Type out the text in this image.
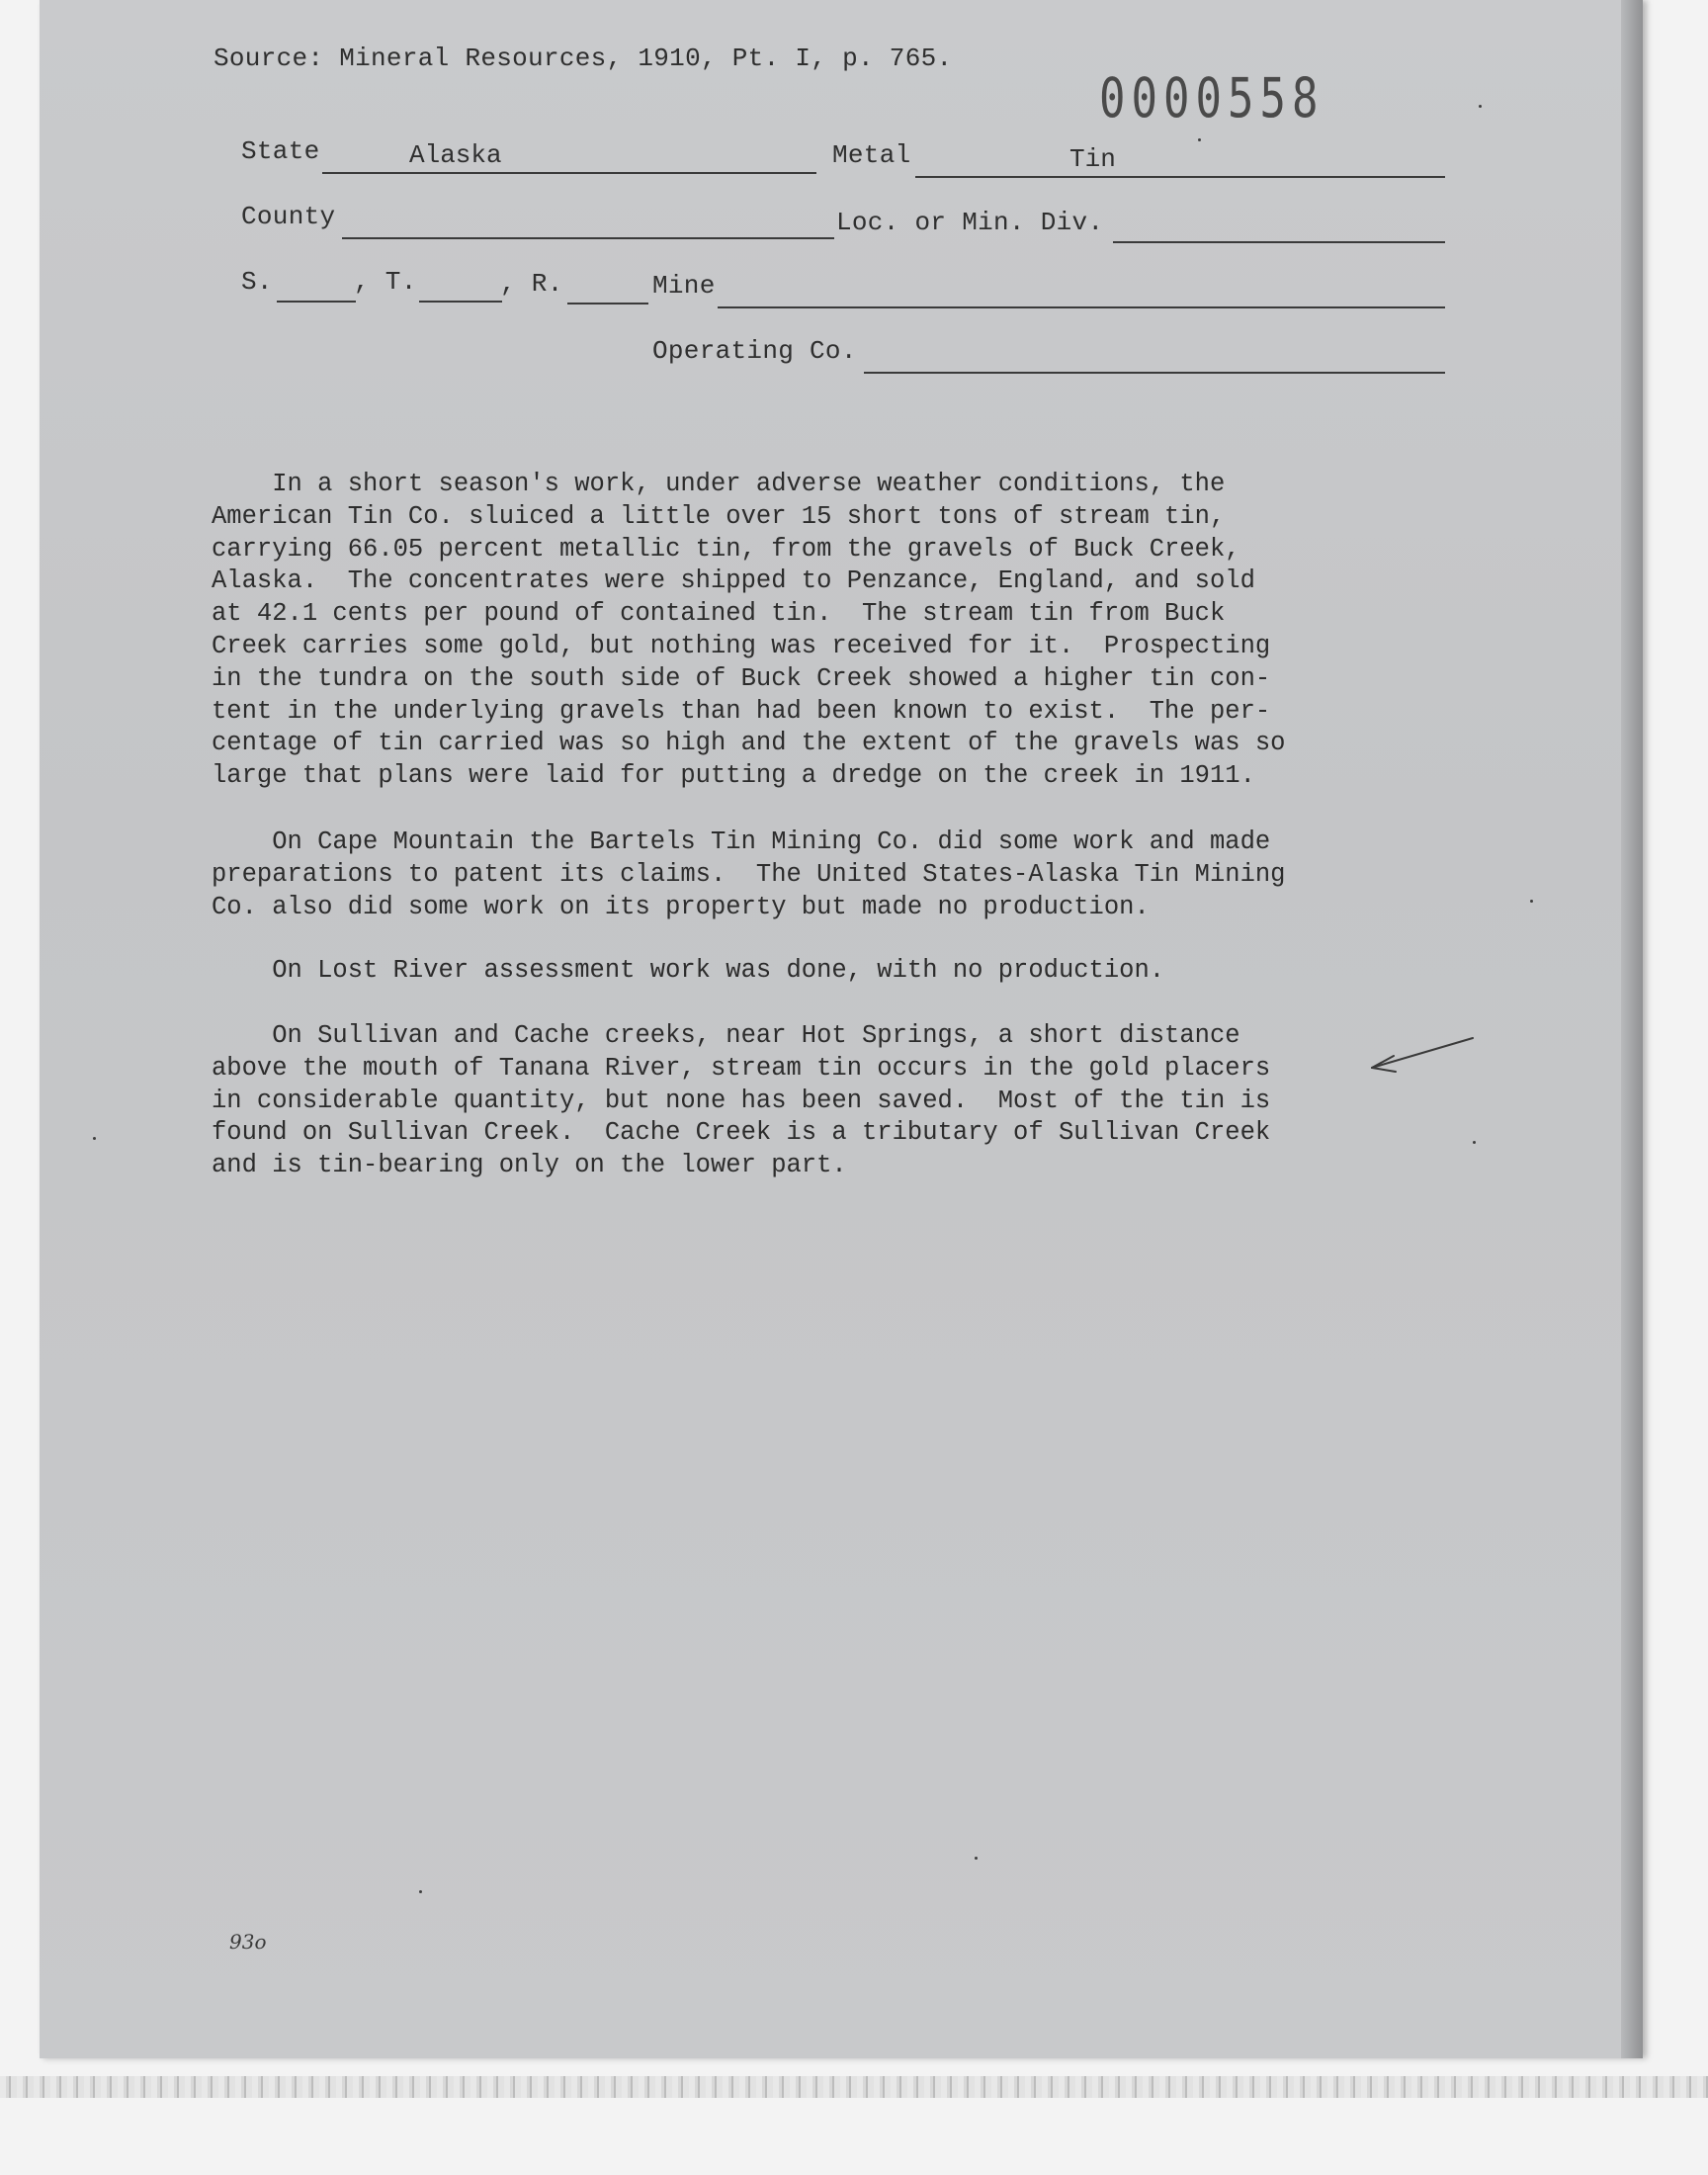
Source: Mineral Resources, 1910, Pt. I, p. 765.
0000558
State	Alaska	Metal	Tin
County	Loc. or Min. Div.
S.	, T.	, R.	Mine
Operating Co.
In a short season's work, under adverse weather conditions, the
American Tin Co. sluiced a little over 15 short tons of stream tin,
carrying 66.05 percent metallic tin, from the gravels of Buck Creek,
Alaska.  The concentrates were shipped to Penzance, England, and sold
at 42.1 cents per pound of contained tin.  The stream tin from Buck
Creek carries some gold, but nothing was received for it.  Prospecting
in the tundra on the south side of Buck Creek showed a higher tin con-
tent in the underlying gravels than had been known to exist.  The per-
centage of tin carried was so high and the extent of the gravels was so
large that plans were laid for putting a dredge on the creek in 1911.
On Cape Mountain the Bartels Tin Mining Co. did some work and made
preparations to patent its claims.  The United States-Alaska Tin Mining
Co. also did some work on its property but made no production.
On Lost River assessment work was done, with no production.
On Sullivan and Cache creeks, near Hot Springs, a short distance
above the mouth of Tanana River, stream tin occurs in the gold placers
in considerable quantity, but none has been saved.  Most of the tin is
found on Sullivan Creek.  Cache Creek is a tributary of Sullivan Creek
and is tin-bearing only on the lower part.
93o
